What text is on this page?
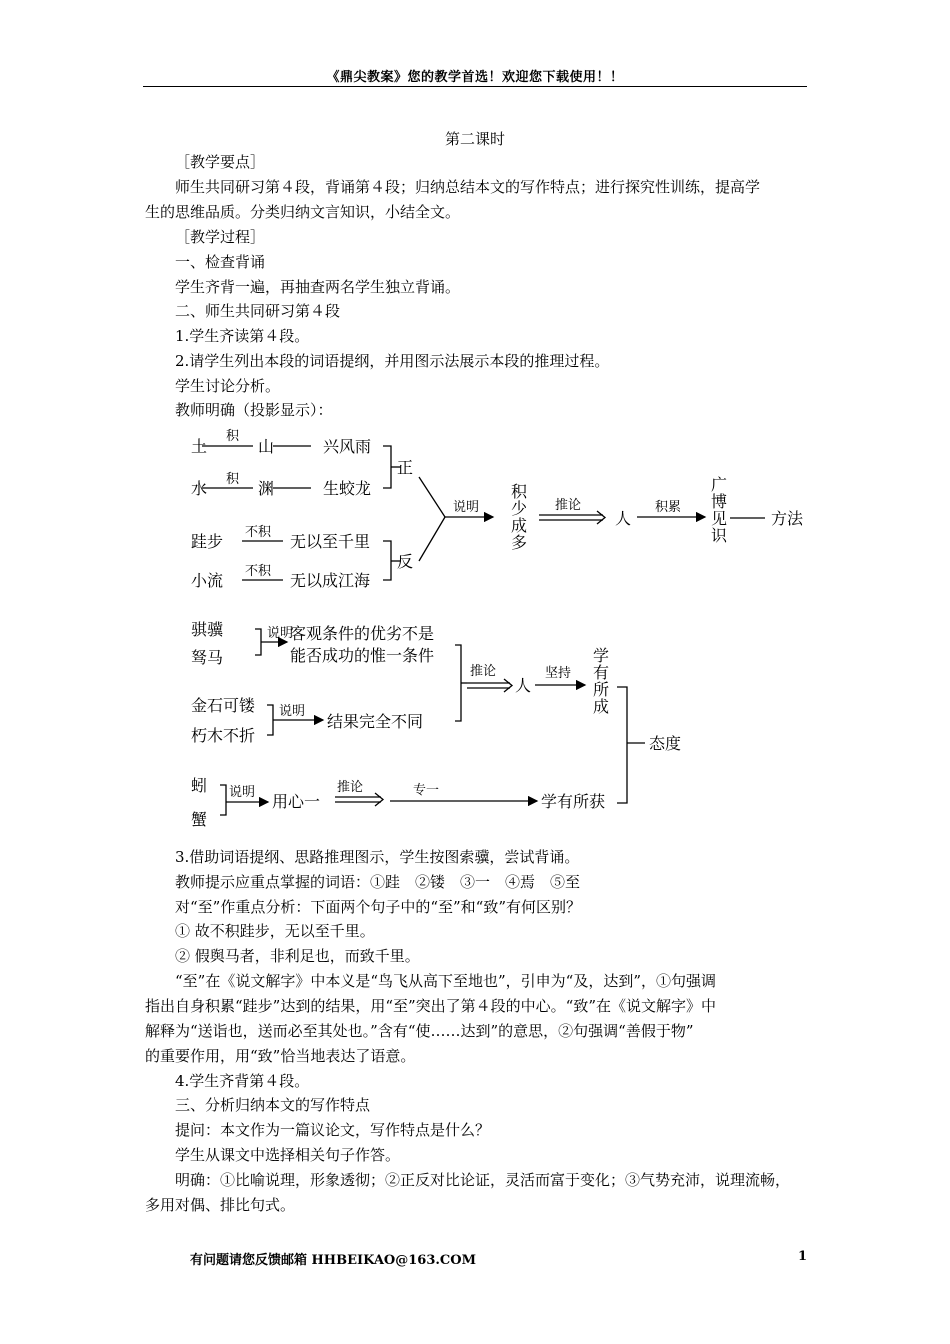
《鼎尖教案》您的教学首选！欢迎您下载使用！！
第二课时
［教学要点］
师生共同研习第４段，背诵第４段；归纳总结本文的写作特点；进行探究性训练，提高学
生的思维品质。分类归纳文言知识，小结全文。
［教学过程］
一、检查背诵
学生齐背一遍，再抽查两名学生独立背诵。
二、师生共同研习第４段
1.学生齐读第４段。
2.请学生列出本段的词语提纲，并用图示法展示本段的推理过程。
学生讨论分析。
教师明确（投影显示）：
土
积
山	兴风雨
水 积 渊	生蛟龙
跬步 不积 无以至千里
小流 不积 无以成江海
正
反
说明
积
少
成
多
推论
人
积累
广
博
见
识
方法
骐骥
驽马
说明
客观条件的优劣不是
能否成功的惟一条件
推论
人
坚持
学
有
所
成
金石可镂
朽木不折
说明
结果完全不同
态度
蚓
蟹
说明 用心一
推论	专一
学有所获
3.借助词语提纲、思路推理图示，学生按图索骥，尝试背诵。
教师提示应重点掌握的词语：①跬　②镂　③一　④焉　⑤至
对“至”作重点分析：下面两个句子中的“至”和“致”有何区别？
① 故不积跬步，无以至千里。
② 假舆马者，非利足也，而致千里。
“至”在《说文解字》中本义是“鸟飞从高下至地也”，引申为“及，达到”，①句强调
指出自身积累“跬步”达到的结果，用“至”突出了第４段的中心。“致”在《说文解字》中
解释为“送诣也，送而必至其处也。”含有“使……达到”的意思，②句强调“善假于物”
的重要作用，用“致”恰当地表达了语意。
4.学生齐背第４段。
三、分析归纳本文的写作特点
提问：本文作为一篇议论文，写作特点是什么？
学生从课文中选择相关句子作答。
明确：①比喻说理，形象透彻；②正反对比论证，灵活而富于变化；③气势充沛，说理流畅，
多用对偶、排比句式。
有问题请您反馈邮箱 HHBEIKAO@163.COM	1
